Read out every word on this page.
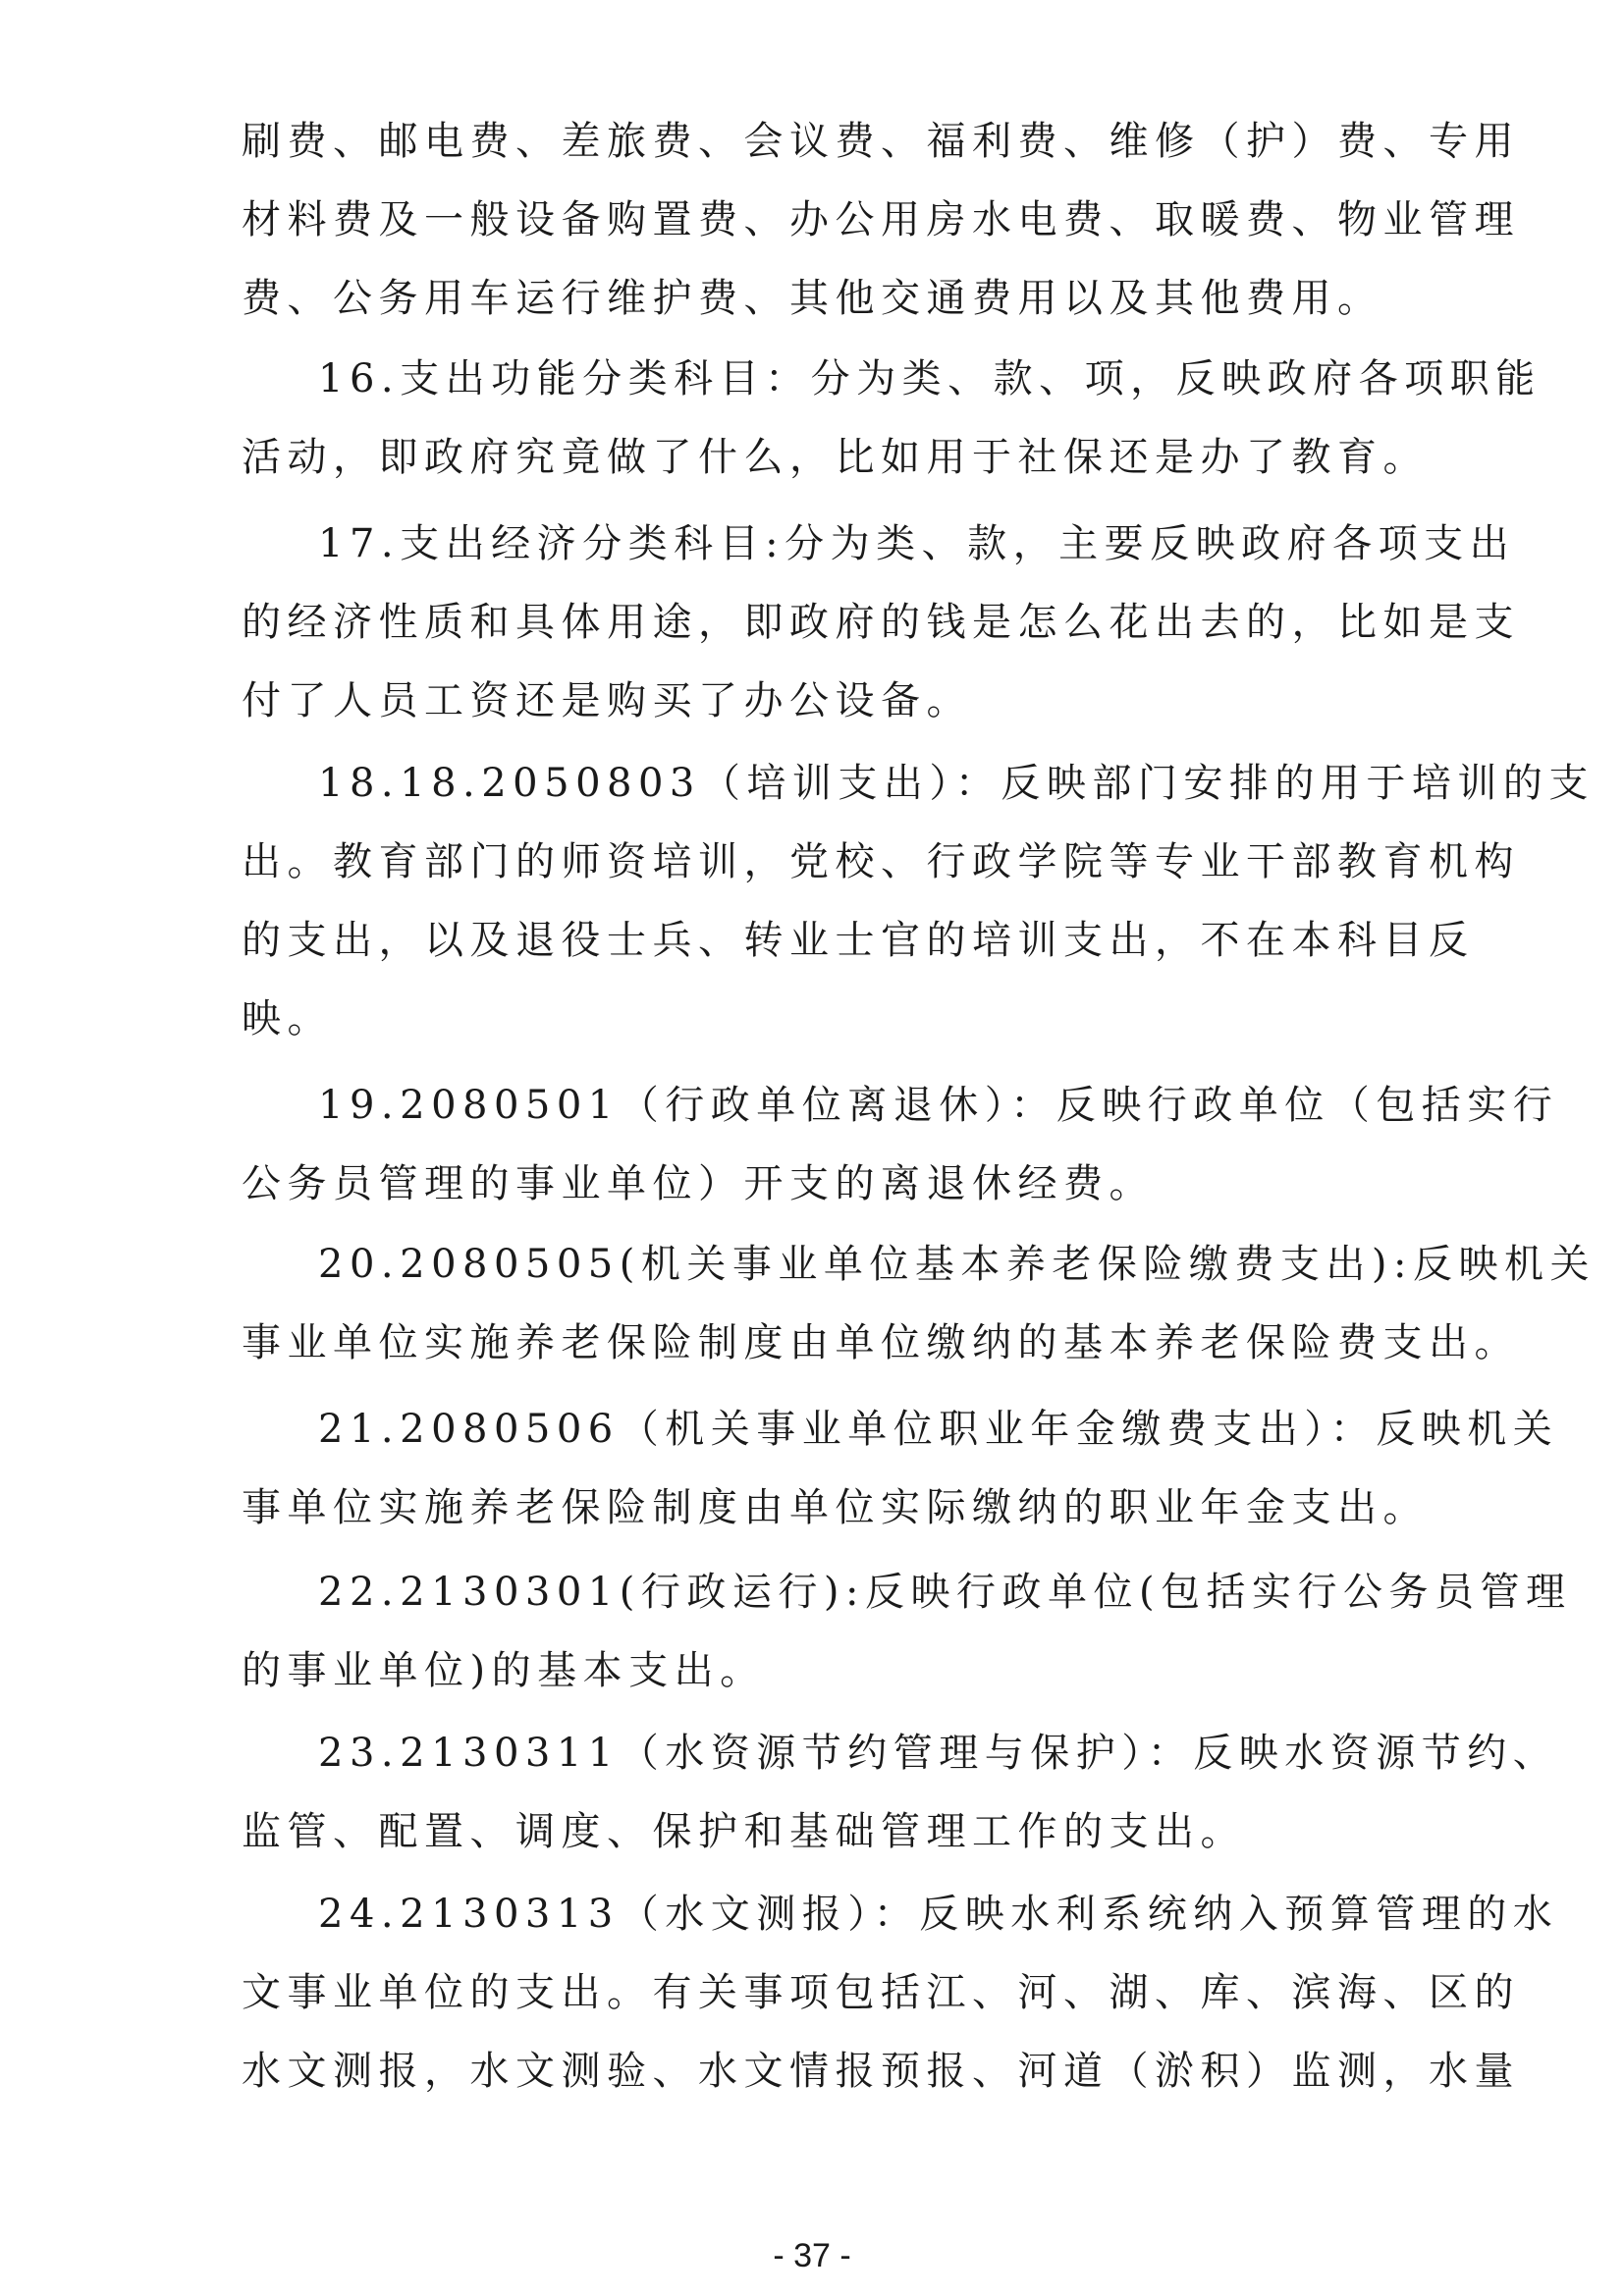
刷费、邮电费、差旅费、会议费、福利费、维修（护）费、专用
材料费及一般设备购置费、办公用房水电费、取暖费、物业管理
费、公务用车运行维护费、其他交通费用以及其他费用。
16.支出功能分类科目：分为类、款、项，反映政府各项职能
活动，即政府究竟做了什么，比如用于社保还是办了教育。
17.支出经济分类科目:分为类、款，主要反映政府各项支出
的经济性质和具体用途，即政府的钱是怎么花出去的，比如是支
付了人员工资还是购买了办公设备。
18.18.2050803（培训支出）：反映部门安排的用于培训的支
出。教育部门的师资培训，党校、行政学院等专业干部教育机构
的支出，以及退役士兵、转业士官的培训支出，不在本科目反
映。
19.2080501（行政单位离退休）：反映行政单位（包括实行
公务员管理的事业单位）开支的离退休经费。
20.2080505(机关事业单位基本养老保险缴费支出):反映机关
事业单位实施养老保险制度由单位缴纳的基本养老保险费支出。
21.2080506（机关事业单位职业年金缴费支出）：反映机关
事单位实施养老保险制度由单位实际缴纳的职业年金支出。
22.2130301(行政运行):反映行政单位(包括实行公务员管理
的事业单位)的基本支出。
23.2130311（水资源节约管理与保护）：反映水资源节约、
监管、配置、调度、保护和基础管理工作的支出。
24.2130313（水文测报）：反映水利系统纳入预算管理的水
文事业单位的支出。有关事项包括江、河、湖、库、滨海、区的
水文测报，水文测验、水文情报预报、河道（淤积）监测，水量
- 37 -
